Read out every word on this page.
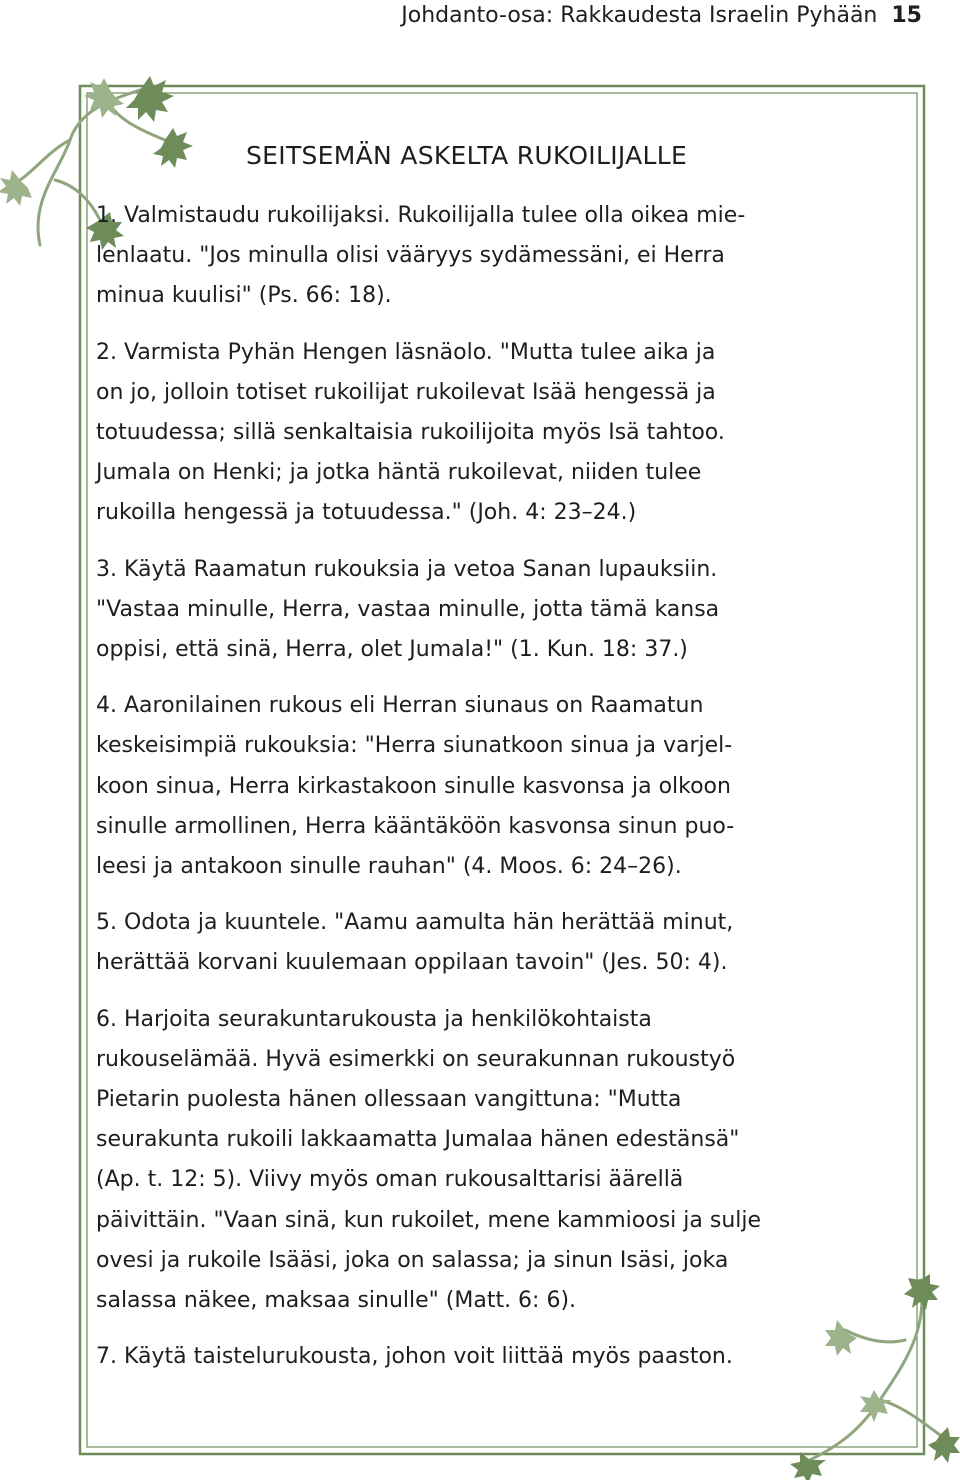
Johdanto-osa: Rakkaudesta Israelin Pyhään 15
SEITSEMÄN ASKELTA RUKOILIJALLE
1. Valmistaudu rukoilijaksi. Rukoilijalla tulee olla oikea mie-
lenlaatu. "Jos minulla olisi vääryys sydämessäni, ei Herra
minua kuulisi" (Ps. 66: 18).
2. Varmista Pyhän Hengen läsnäolo. "Mutta tulee aika ja
on jo, jolloin totiset rukoilijat rukoilevat Isää hengessä ja
totuudessa; sillä senkaltaisia rukoilijoita myös Isä tahtoo.
Jumala on Henki; ja jotka häntä rukoilevat, niiden tulee
rukoilla hengessä ja totuudessa." (Joh. 4: 23–24.)
3. Käytä Raamatun rukouksia ja vetoa Sanan lupauksiin.
"Vastaa minulle, Herra, vastaa minulle, jotta tämä kansa
oppisi, että sinä, Herra, olet Jumala!" (1. Kun. 18: 37.)
4. Aaronilainen rukous eli Herran siunaus on Raamatun
keskeisimpiä rukouksia: "Herra siunatkoon sinua ja varjel-
koon sinua, Herra kirkastakoon sinulle kasvonsa ja olkoon
sinulle armollinen, Herra kääntäköön kasvonsa sinun puo-
leesi ja antakoon sinulle rauhan" (4. Moos. 6: 24–26).
5. Odota ja kuuntele. "Aamu aamulta hän herättää minut,
herättää korvani kuulemaan oppilaan tavoin" (Jes. 50: 4).
6. Harjoita seurakuntarukousta ja henkilökohtaista
rukouselämää. Hyvä esimerkki on seurakunnan rukoustyö
Pietarin puolesta hänen ollessaan vangittuna: "Mutta
seurakunta rukoili lakkaamatta Jumalaa hänen edestänsä"
(Ap. t. 12: 5). Viivy myös oman rukousalttarisi äärellä
päivittäin. "Vaan sinä, kun rukoilet, mene kammioosi ja sulje
ovesi ja rukoile Isääsi, joka on salassa; ja sinun Isäsi, joka
salassa näkee, maksaa sinulle" (Matt. 6: 6).
7. Käytä taistelurukousta, johon voit liittää myös paaston.
